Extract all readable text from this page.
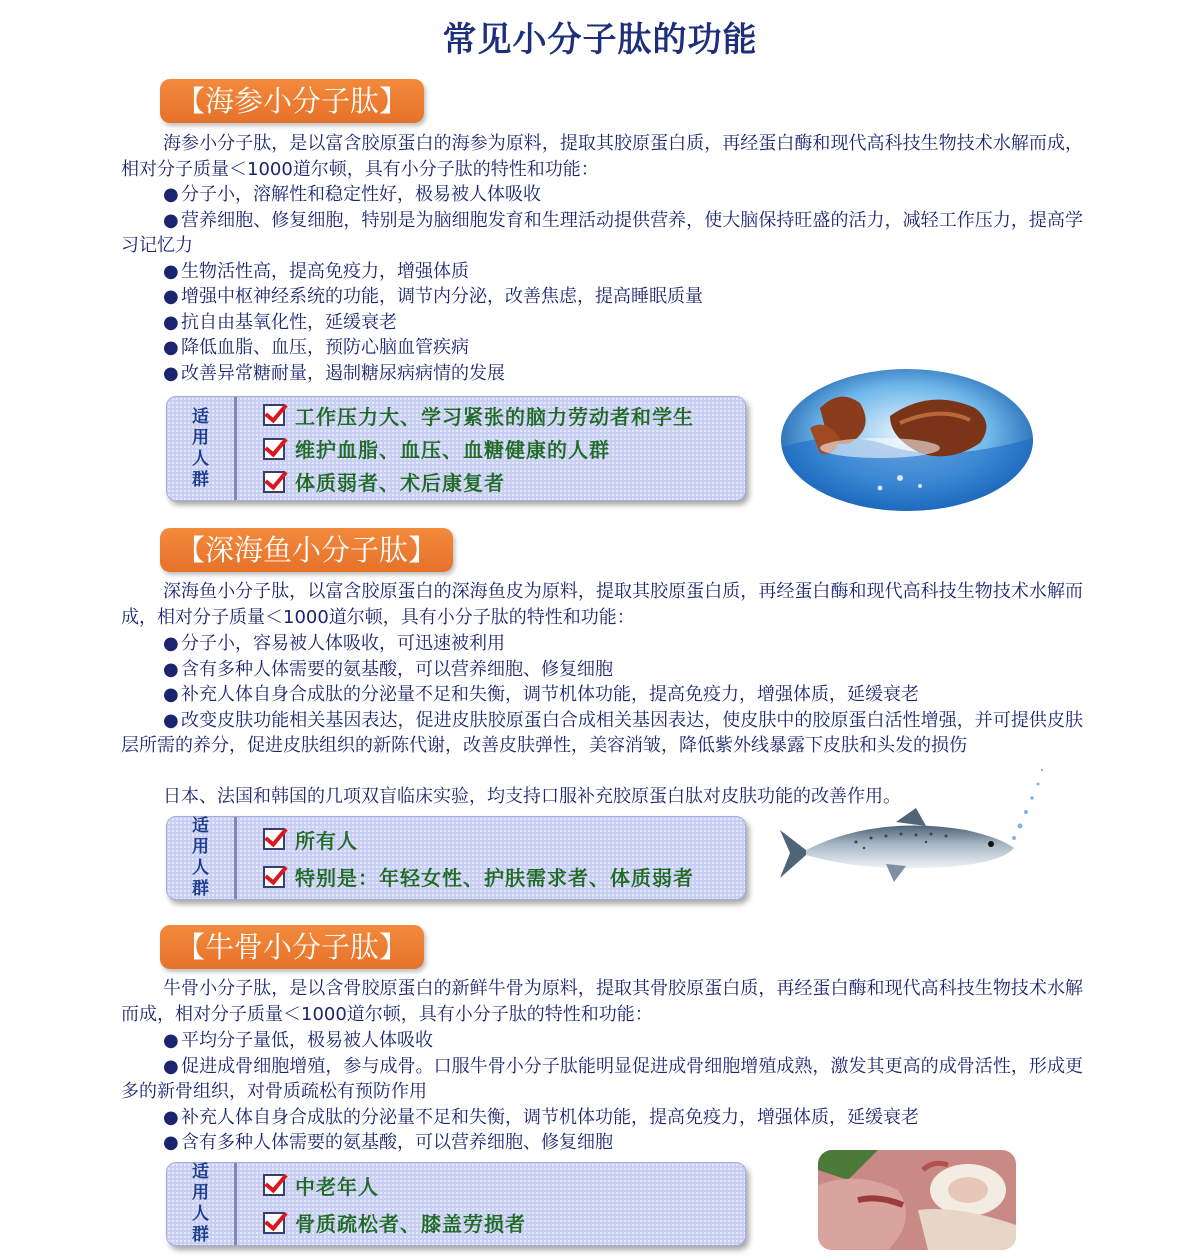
常见小分子肽的功能
【海参小分子肽】

海参小分子肽，是以富含胶原蛋白的海参为原料，提取其胶原蛋白质，再经蛋白酶和现代高科技生物技术水解而成，相对分子质量＜1000道尔顿，具有小分子肽的特性和功能：

● 分子小，溶解性和稳定性好，极易被人体吸收
● 营养细胞、修复细胞，特别是为脑细胞发育和生理活动提供营养，使大脑保持旺盛的活力，减轻工作压力，提高学习记忆力
● 生物活性高，提高免疫力，增强体质
● 增强中枢神经系统的功能，调节内分泌，改善焦虑，提高睡眠质量
● 抗自由基氧化性，延缓衰老
● 降低血脂、血压，预防心脑血管疾病
● 改善异常糖耐量，遏制糖尿病病情的发展
适
用
人
群
工作压力大、学习紧张的脑力劳动者和学生
维护血脂、血压、血糖健康的人群
体质弱者、术后康复者
【深海鱼小分子肽】

深海鱼小分子肽，以富含胶原蛋白的深海鱼皮为原料，提取其胶原蛋白质，再经蛋白酶和现代高科技生物技术水解而成，相对分子质量＜1000道尔顿，具有小分子肽的特性和功能：

● 分子小，容易被人体吸收，可迅速被利用
● 含有多种人体需要的氨基酸，可以营养细胞、修复细胞
● 补充人体自身合成肽的分泌量不足和失衡，调节机体功能，提高免疫力，增强体质，延缓衰老
● 改变皮肤功能相关基因表达，促进皮肤胶原蛋白合成相关基因表达，使皮肤中的胶原蛋白活性增强，并可提供皮肤层所需的养分，促进皮肤组织的新陈代谢，改善皮肤弹性，美容消皱，降低紫外线暴露下皮肤和头发的损伤

日本、法国和韩国的几项双盲临床实验，均支持口服补充胶原蛋白肽对皮肤功能的改善作用。

适
用
人
群
所有人
特别是：年轻女性、护肤需求者、体质弱者
【牛骨小分子肽】

牛骨小分子肽，是以含骨胶原蛋白的新鲜牛骨为原料，提取其骨胶原蛋白质，再经蛋白酶和现代高科技生物技术水解而成，相对分子质量＜1000道尔顿，具有小分子肽的特性和功能：

● 平均分子量低，极易被人体吸收
● 促进成骨细胞增殖，参与成骨。口服牛骨小分子肽能明显促进成骨细胞增殖成熟，激发其更高的成骨活性，形成更多的新骨组织，对骨质疏松有预防作用
● 补充人体自身合成肽的分泌量不足和失衡，调节机体功能，提高免疫力，增强体质，延缓衰老
● 含有多种人体需要的氨基酸，可以营养细胞、修复细胞
适
用
人
群
中老年人
骨质疏松者、膝盖劳损者
